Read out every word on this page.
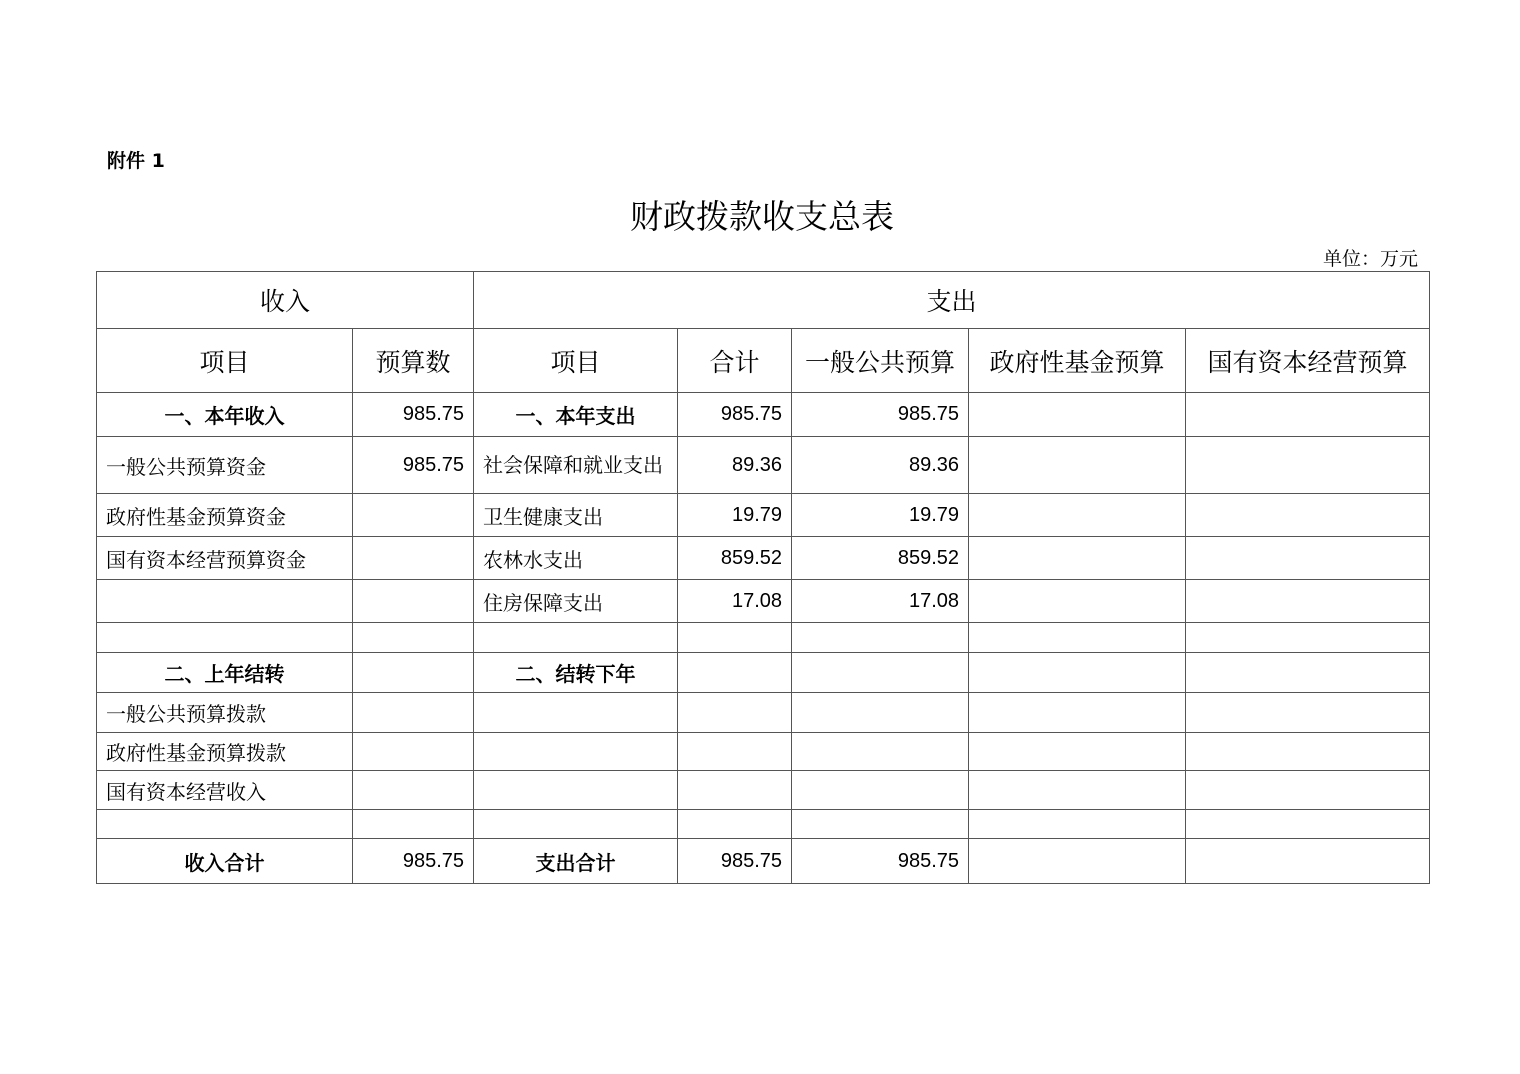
附件 1
财政拨款收支总表
单位：万元
收入		支出				
项目	预算数	项目	合计	一般公共预算	政府性基金预算	国有资本经营预算
一、本年收入	985.75	一、本年支出	985.75	985.75		
一般公共预算资金	985.75	社会保障和就业支出	89.36	89.36		
政府性基金预算资金		卫生健康支出	19.79	19.79		
国有资本经营预算资金		农林水支出	859.52	859.52		
		住房保障支出	17.08	17.08		

二、上年结转		二、结转下年				
一般公共预算拨款						
政府性基金预算拨款						
国有资本经营收入						

收入合计	985.75	支出合计	985.75	985.75		
